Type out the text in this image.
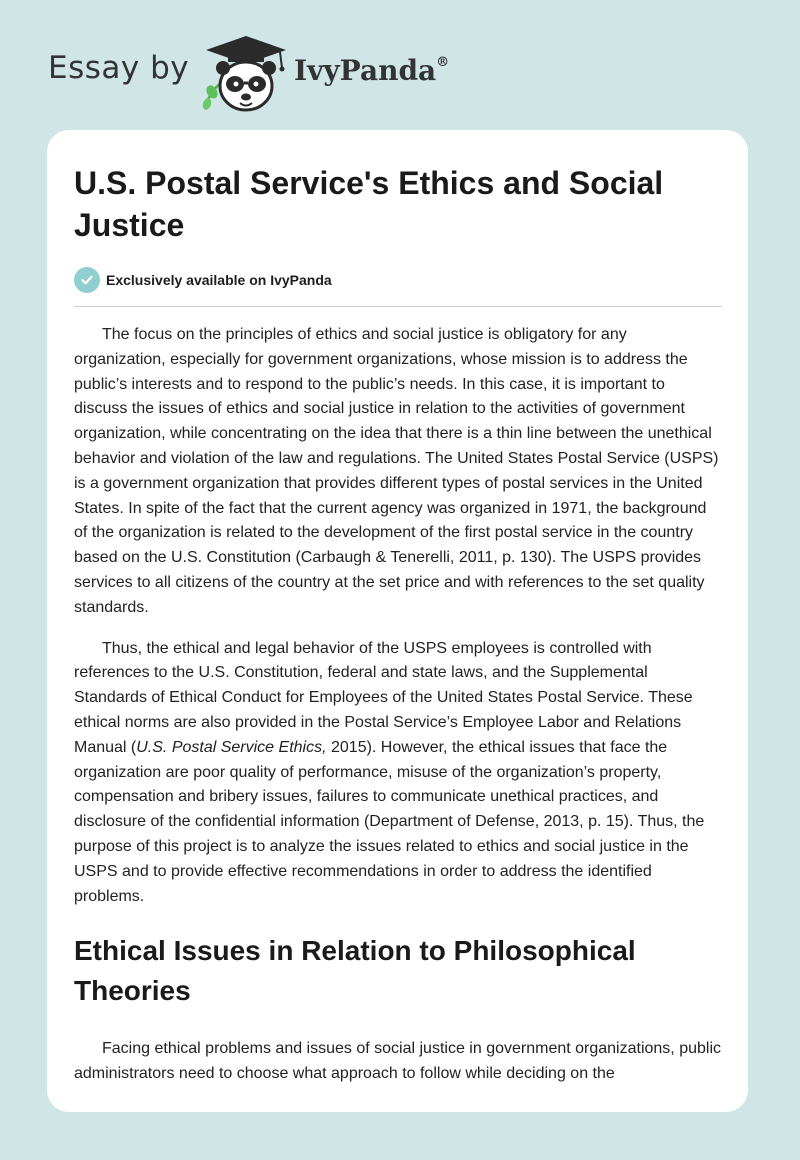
Essay by	IvyPanda®
U.S. Postal Service's Ethics and Social Justice
Exclusively available on IvyPanda

The focus on the principles of ethics and social justice is obligatory for any organization, especially for government organizations, whose mission is to address the public’s interests and to respond to the public’s needs. In this case, it is important to discuss the issues of ethics and social justice in relation to the activities of government organization, while concentrating on the idea that there is a thin line between the unethical behavior and violation of the law and regulations. The United States Postal Service (USPS) is a government organization that provides different types of postal services in the United States. In spite of the fact that the current agency was organized in 1971, the background of the organization is related to the development of the first postal service in the country based on the U.S. Constitution (Carbaugh & Tenerelli, 2011, p. 130). The USPS provides services to all citizens of the country at the set price and with references to the set quality standards.

Thus, the ethical and legal behavior of the USPS employees is controlled with references to the U.S. Constitution, federal and state laws, and the Supplemental Standards of Ethical Conduct for Employees of the United States Postal Service. These ethical norms are also provided in the Postal Service’s Employee Labor and Relations Manual (U.S. Postal Service Ethics, 2015). However, the ethical issues that face the organization are poor quality of performance, misuse of the organization’s property, compensation and bribery issues, failures to communicate unethical practices, and disclosure of the confidential information (Department of Defense, 2013, p. 15). Thus, the purpose of this project is to analyze the issues related to ethics and social justice in the USPS and to provide effective recommendations in order to address the identified problems.

Ethical Issues in Relation to Philosophical Theories

Facing ethical problems and issues of social justice in government organizations, public administrators need to choose what approach to follow while deciding on the
